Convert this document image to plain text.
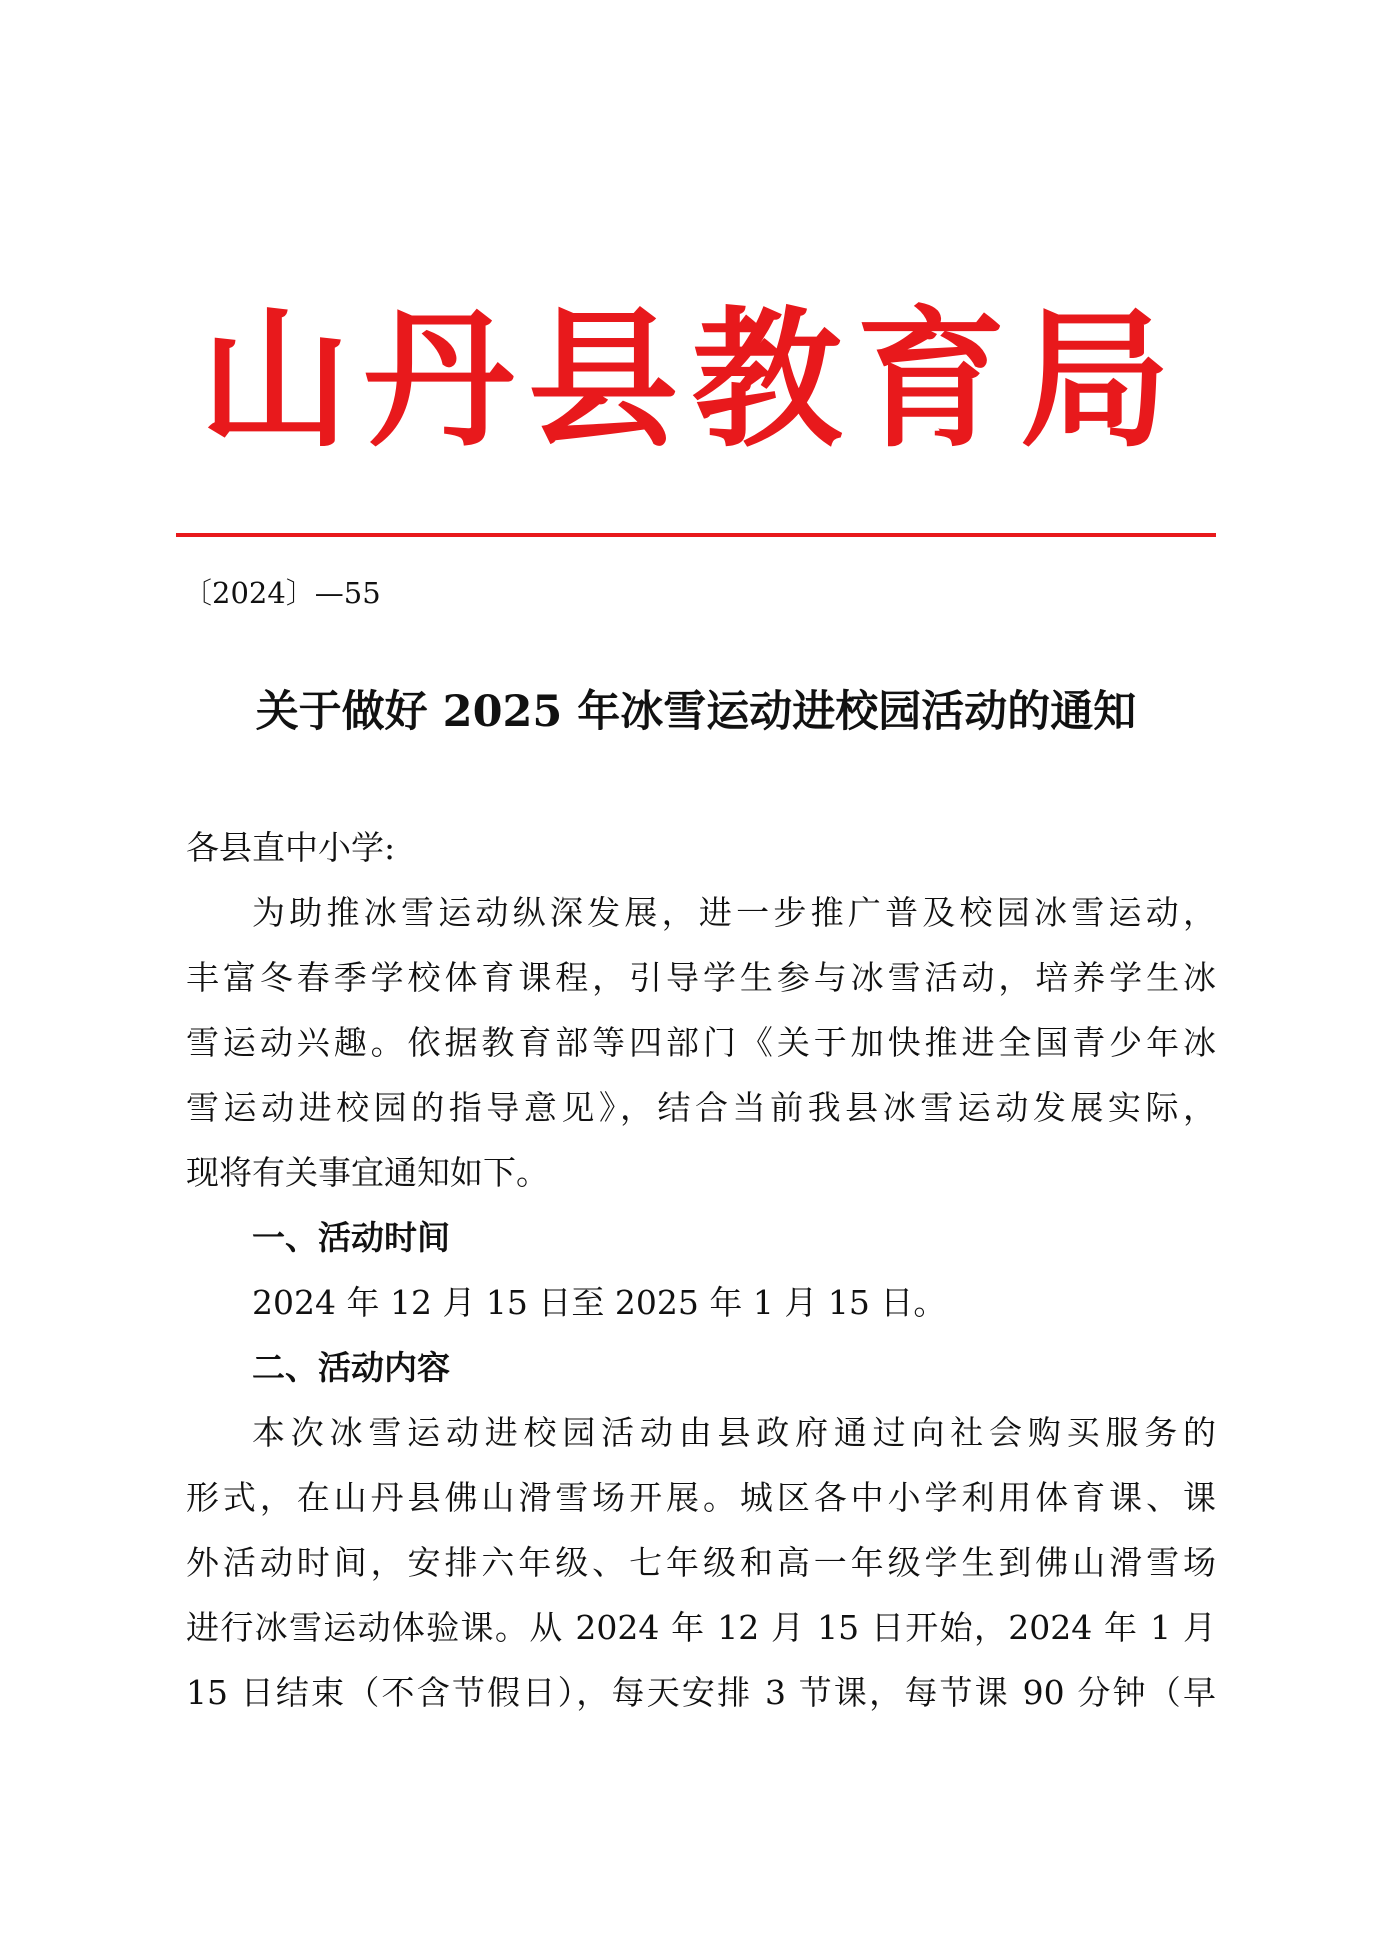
山 丹 县 教 育 局
〔2024〕—55
关于做好 2025 年冰雪运动进校园活动的通知

各县直中小学:

为助推冰雪运动纵深发展，进一步推广普及校园冰雪运动，
丰富冬春季学校体育课程，引导学生参与冰雪活动，培养学生冰
雪运动兴趣。依据教育部等四部门《关于加快推进全国青少年冰
雪运动进校园的指导意见》，结合当前我县冰雪运动发展实际，
现将有关事宜通知如下。

一、活动时间

2024 年 12 月 15 日至 2025 年 1 月 15 日。

二、活动内容

本次冰雪运动进校园活动由县政府通过向社会购买服务的
形式，在山丹县佛山滑雪场开展。城区各中小学利用体育课、课
外活动时间，安排六年级、七年级和高一年级学生到佛山滑雪场
进行冰雪运动体验课。从 2024 年 12 月 15 日开始，2024 年 1 月
15 日结束（不含节假日），每天安排 3 节课，每节课 90 分钟（早
